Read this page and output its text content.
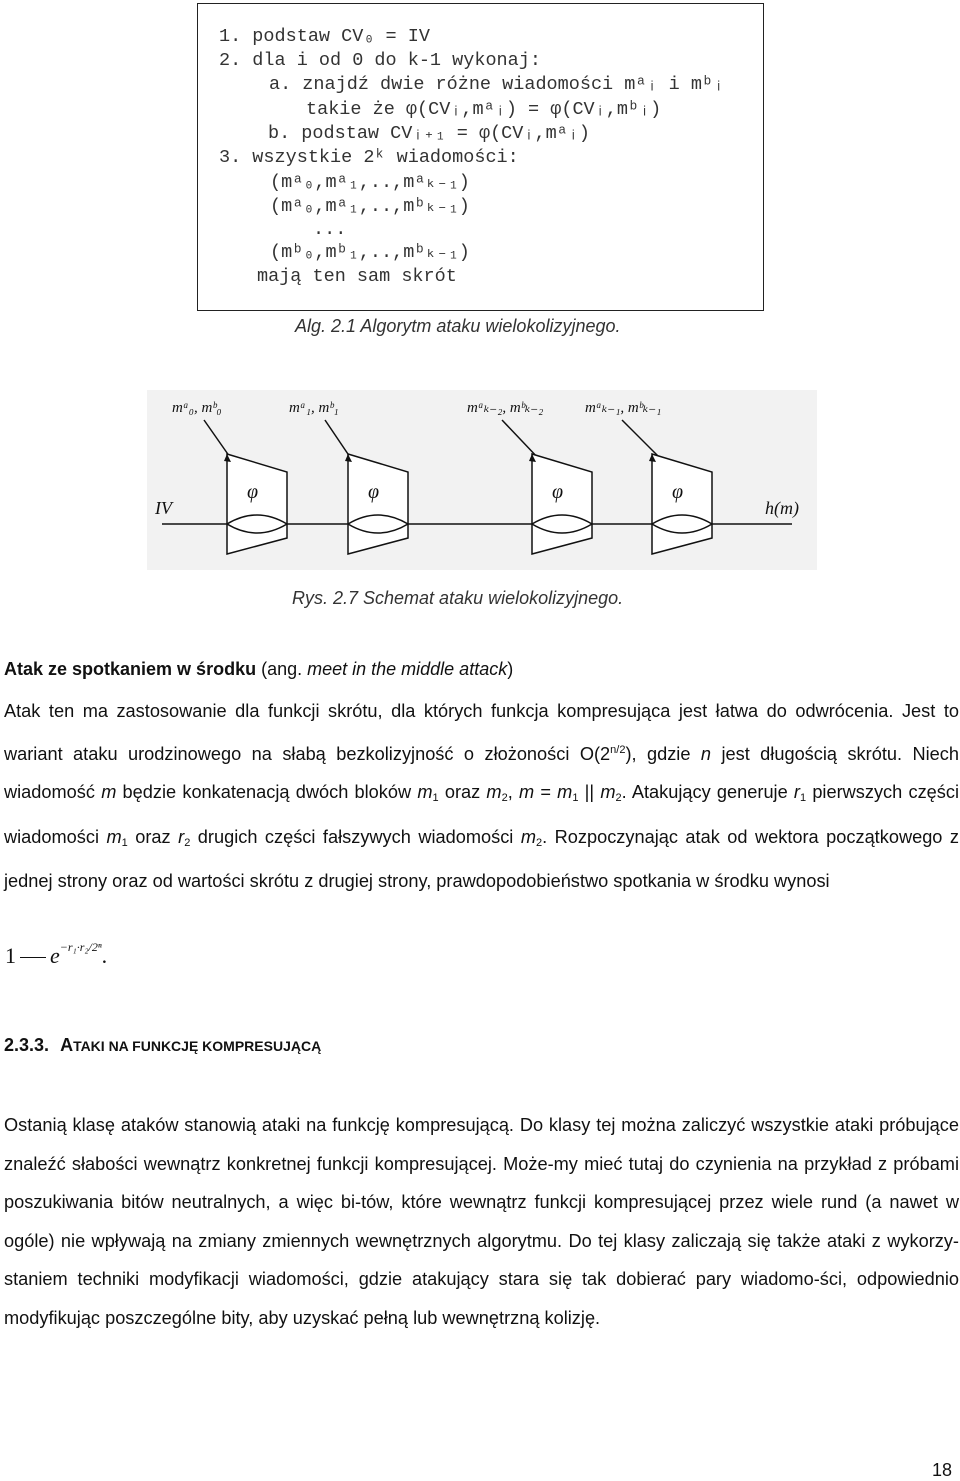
1. podstaw CV₀ = IV

2. dla i od 0 do k-1 wykonaj:

a. znajdź dwie różne wiadomości mᵃᵢ i mᵇᵢ

takie że φ(CVᵢ,mᵃᵢ) = φ(CVᵢ,mᵇᵢ)

b. podstaw CVᵢ₊₁ = φ(CVᵢ,mᵃᵢ)

3. wszystkie 2ᵏ wiadomości:

(mᵃ₀,mᵃ₁,..,mᵃₖ₋₁)

(mᵃ₀,mᵃ₁,..,mᵇₖ₋₁)

...

(mᵇ₀,mᵇ₁,..,mᵇₖ₋₁)

mają ten sam skrót

Alg. 2.1 Algorytm ataku wielokolizyjnego.
mᵃ₀, mᵇ₀	mᵃ₁, mᵇ₁	mᵃₖ₋₂, mᵇₖ₋₂	mᵃₖ₋₁, mᵇₖ₋₁
φ	φ	φ	φ
IV	h(m)
Rys. 2.7 Schemat ataku wielokolizyjnego.
Atak ze spotkaniem w środku (ang. meet in the middle attack)
Atak ten ma zastosowanie dla funkcji skrótu, dla których funkcja kompresująca jest łatwa do odwrócenia. Jest to wariant ataku urodzinowego na słabą bezkolizyjność o złożoności $O(2^{n/2})$, gdzie n jest długością skrótu. Niech wiadomość m będzie konkatenacją dwóch bloków $m_1$ oraz $m_2$, $m = m_1$ || $m_2$. Atakujący generuje $r_1$ pierwszych części wiadomości $m_1$ oraz $r_2$ drugich części fałszywych wiadomości $m_2$. Rozpoczynając atak od wektora początkowego z jednej strony oraz od wartości skrótu z drugiej strony, prawdopodobieństwo spotkania w środku wynosi
1 $e^{-r_1\cdot r_2/2^n}$.
2.3.3. ATAKI NA FUNKCJĘ KOMPRESUJĄCĄ
Ostanią klasę ataków stanowią ataki na funkcję kompresującą. Do klasy tej można zaliczyć wszystkie ataki próbujące znaleźć słabości wewnątrz konkretnej funkcji kompresującej. Może-my mieć tutaj do czynienia na przykład z próbami poszukiwania bitów neutralnych, a więc bi-tów, które wewnątrz funkcji kompresującej przez wiele rund (a nawet w ogóle) nie wpływają na zmiany zmiennych wewnętrznych algorytmu. Do tej klasy zaliczają się także ataki z wykorzy-staniem techniki modyfikacji wiadomości, gdzie atakujący stara się tak dobierać pary wiadomo-ści, odpowiednio modyfikując poszczególne bity, aby uzyskać pełną lub wewnętrzną kolizję.
18
